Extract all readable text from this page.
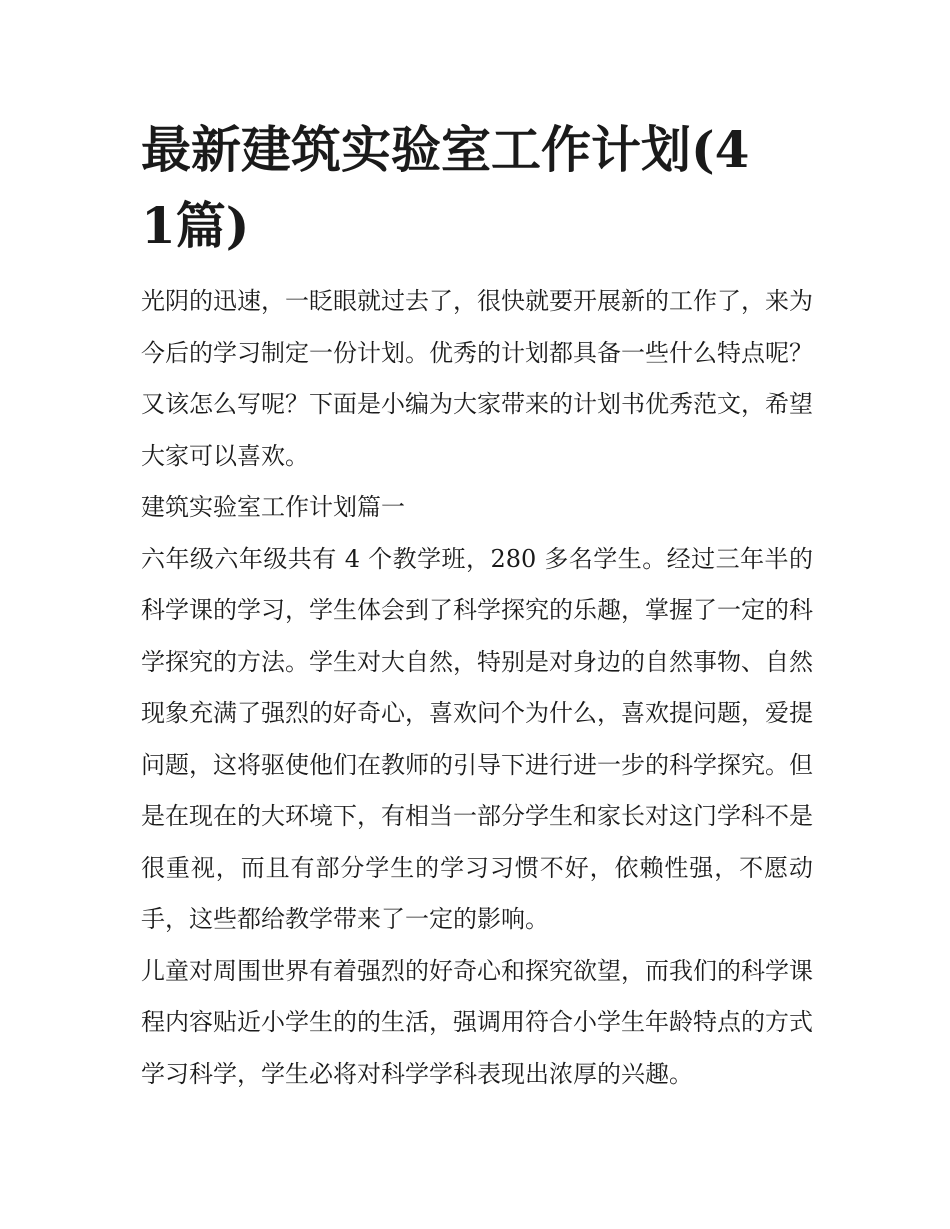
最新建筑实验室工作计划(41篇)

光阴的迅速，一眨眼就过去了，很快就要开展新的工作了，来为今后的学习制定一份计划。优秀的计划都具备一些什么特点呢？又该怎么写呢？下面是小编为大家带来的计划书优秀范文，希望大家可以喜欢。

建筑实验室工作计划篇一

六年级六年级共有 4 个教学班，280 多名学生。经过三年半的科学课的学习，学生体会到了科学探究的乐趣，掌握了一定的科学探究的方法。学生对大自然，特别是对身边的自然事物、自然现象充满了强烈的好奇心，喜欢问个为什么，喜欢提问题，爱提问题，这将驱使他们在教师的引导下进行进一步的科学探究。但是在现在的大环境下，有相当一部分学生和家长对这门学科不是很重视，而且有部分学生的学习习惯不好，依赖性强，不愿动手，这些都给教学带来了一定的影响。

儿童对周围世界有着强烈的好奇心和探究欲望，而我们的科学课程内容贴近小学生的的生活，强调用符合小学生年龄特点的方式学习科学，学生必将对科学学科表现出浓厚的兴趣。
